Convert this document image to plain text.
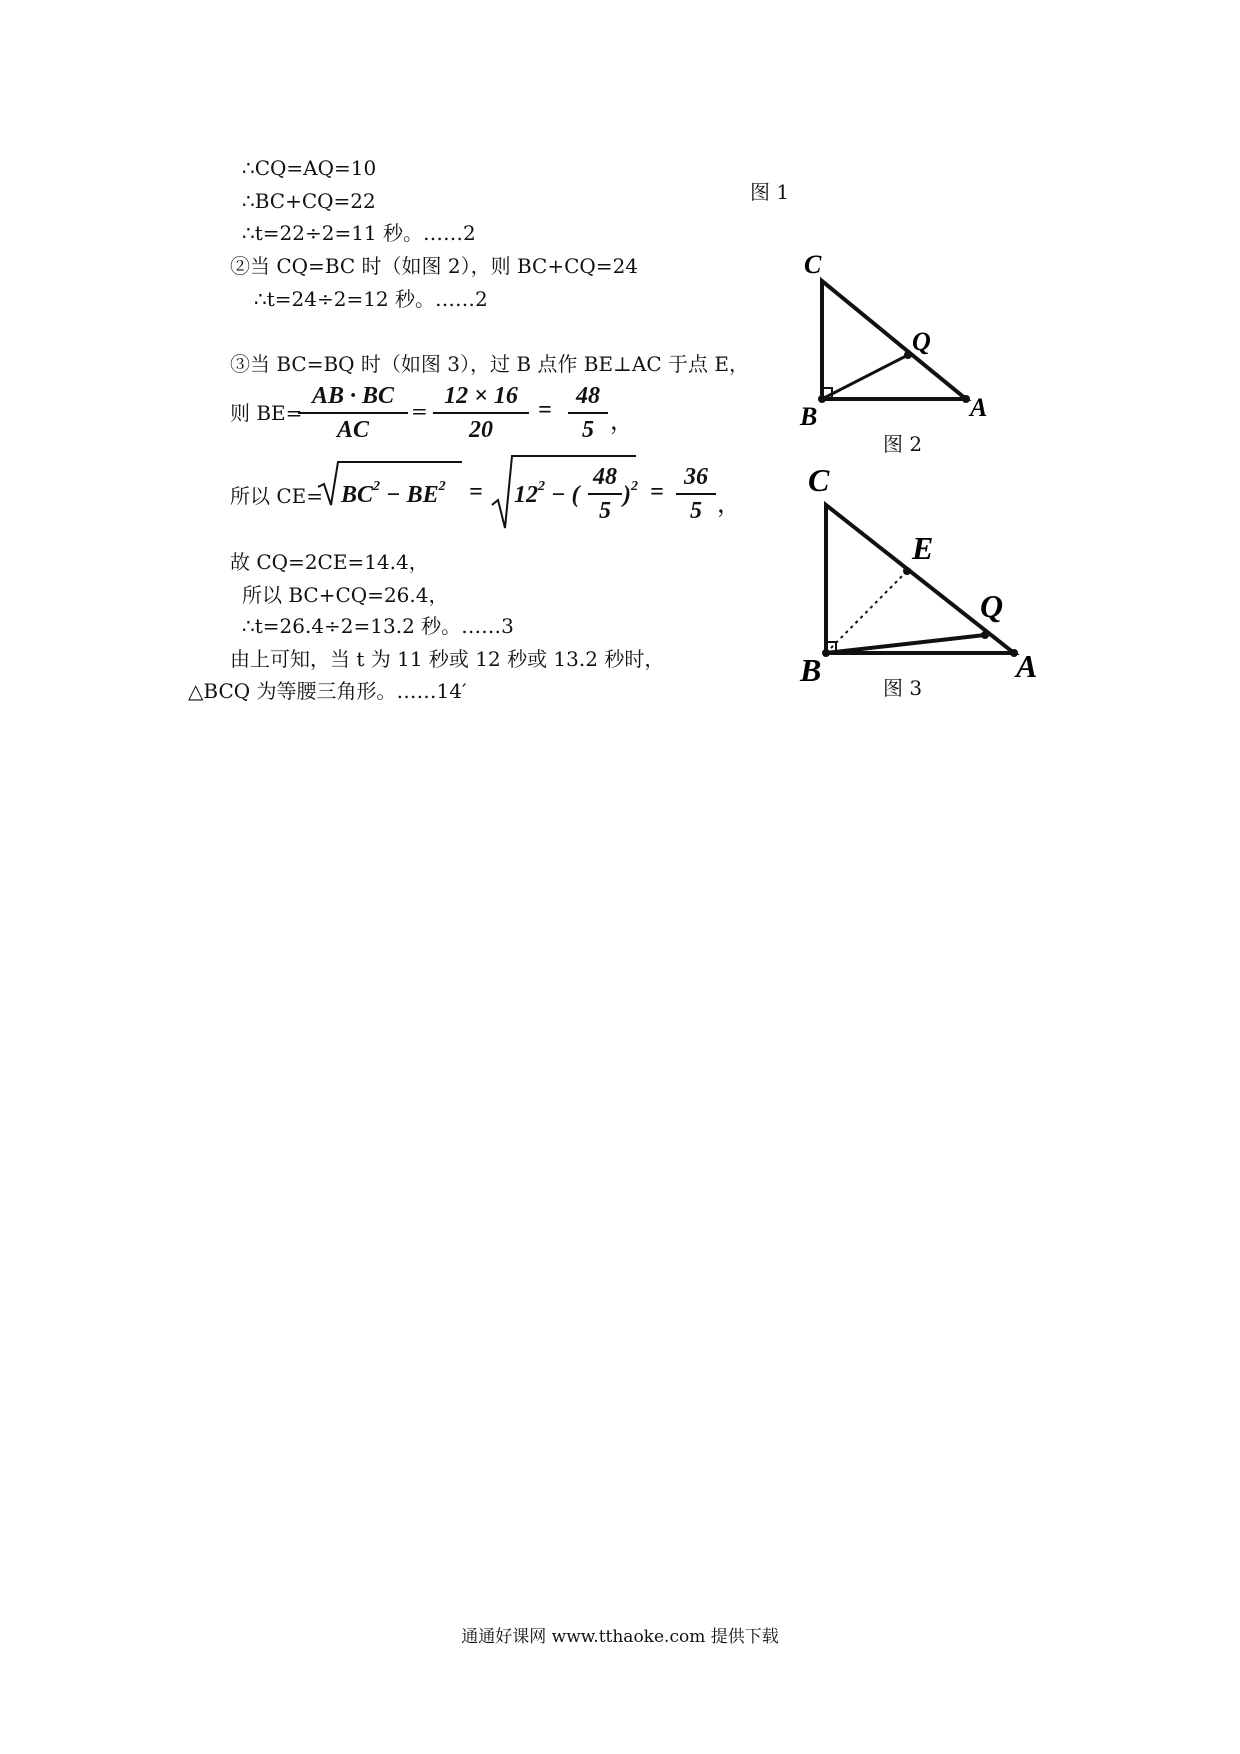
∴CQ=AQ=10
∴BC+CQ=22
∴t=22÷2=11 秒。……2
②当 CQ=BC 时（如图 2），则 BC+CQ=24
∴t=24÷2=12 秒。……2
③当 BC=BQ 时（如图 3），过 B 点作 BE⊥AC 于点 E，
则 BE=
AB · BC
AC
=
12 × 16
20
=
48
5 ，
所以 $CE= BC^2 - BE^2 = 12^2$ − (
48
5
)$^2$ =
36
5 ，
故 CQ=2CE=14.4，
所以 BC+CQ=26.4，
∴t=26.4÷2=13.2 秒。……3
由上可知，当 t 为 11 秒或 12 秒或 13.2 秒时，
△BCQ 为等腰三角形。……14′
图 1
图 2
图 3
C
Q
B	A
C
E
Q
B	A
通通好课网 www.tthaoke.com 提供下载
